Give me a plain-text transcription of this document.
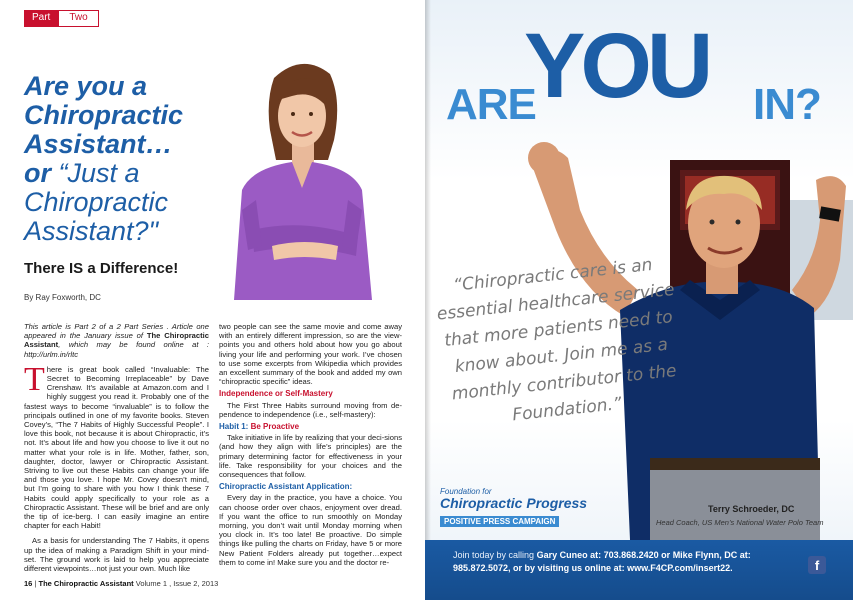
Part	Two
Are you a
Chiropractic
Assistant…
or “Just a
Chiropractic
Assistant?"
There IS a Difference!
By Ray Foxworth, DC

This article is Part 2 of a 2 Part Series . Article one appeared in the January issue of The Chiropractic Assistant, which may be found online at : http://urlm.in/rltc

There is great book called “Invaluable: The Secret to Becoming Irreplaceable” by Dave Crenshaw. It’s available at Amazon.com and I highly suggest you read it. Probably one of the fastest ways to become “invaluable” is to follow the principals outlined in one of my favorite books. Steven Covey’s, “The 7 Habits of Highly Successful People”. I love this book, not because it is about Chiropractic, it’s not. It’s about life and how you choose to live it out no matter what your role is in life. Mother, father, son, daughter, doctor, lawyer or Chiropractic Assistant. Striving to live out these Habits can change your life and those you love. I hope Mr. Covey doesn’t mind, but I’m going to share with you how I think these 7 Habits could apply specifically to your role as a Chiropractic Assistant. These will be brief and are only the tip of ice-berg. I can easily imagine an entire chapter for each Habit!

As a basis for understanding The 7 Habits, it opens up the idea of making a Paradigm Shift in your mind-set. The ground work is laid to help you appreciate different viewpoints…not just your own. Much like

two people can see the same movie and come away with an entirely different impression, so are the view-points you and others hold about how you go about living your life and performing your work. I’ve chosen to use some excerpts from Wikipedia which provides an excellent summary of the book and added my own “chiropractic specific” ideas.

Independence or Self-Mastery

The First Three Habits surround moving from de-pendence to independence (i.e., self-mastery):

Habit 1: Be Proactive

Take initiative in life by realizing that your deci-sions (and how they align with life’s principles) are the primary determining factor for effectiveness in your life. Take responsibility for your choices and the consequences that follow.

Chiropractic Assistant Application:

Every day in the practice, you have a choice. You can choose order over chaos, enjoyment over dread. If you want the office to run smoothly on Monday morning, you don’t wait until Monday morning when you clock in. It’s too late! Be proactive. Do simple things like pulling the charts on Friday, have 5 or more New Patient Folders already put together…expect them to come in! Make sure you and the doctor re-

16 | The Chiropractic Assistant Volume 1 , Issue 2, 2013
ARE
YOU IN?
“Chiropractic care is an essential healthcare service that more patients need to know about. Join me as a monthly contributor to the Foundation.”
Foundation for
Chiropractic Progress
POSITIVE PRESS CAMPAIGN
Terry Schroeder, DC
Head Coach, US Men’s National Water Polo Team
Join today by calling Gary Cuneo at: 703.868.2420 or Mike Flynn, DC at: 985.872.5072, or by visiting us online at: www.F4CP.com/insert22.	f
